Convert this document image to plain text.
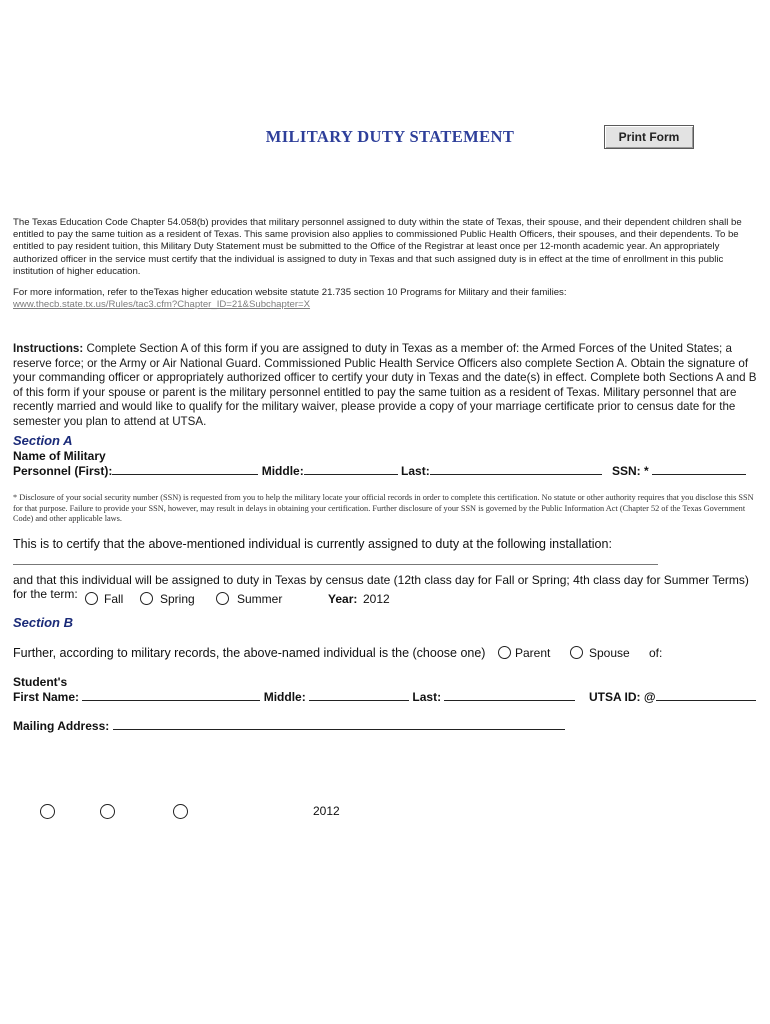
MILITARY DUTY STATEMENT	Print Form
The Texas Education Code Chapter 54.058(b) provides that military personnel assigned to duty within the state of Texas, their spouse, and their dependent children shall be entitled to pay the same tuition as a resident of Texas. This same provision also applies to commissioned Public Health Officers, their spouses, and their dependents. To be entitled to pay resident tuition, this Military Duty Statement must be submitted to the Office of the Registrar at least once per 12-month academic year. An appropriately authorized officer in the service must certify that the individual is assigned to duty in Texas and that such assigned duty is in effect at the time of enrollment in this public institution of higher education.
For more information, refer to theTexas higher education website statute 21.735 section 10 Programs for Military and their families:
www.thecb.state.tx.us/Rules/tac3.cfm?Chapter_ID=21&Subchapter=X
Instructions: Complete Section A of this form if you are assigned to duty in Texas as a member of: the Armed Forces of the United States; a reserve force; or the Army or Air National Guard. Commissioned Public Health Service Officers also complete Section A. Obtain the signature of your commanding officer or appropriately authorized officer to certify your duty in Texas and the date(s) in effect. Complete both Sections A and B of this form if your spouse or parent is the military personnel entitled to pay the same tuition as a resident of Texas. Military personnel that are recently married and would like to qualify for the military waiver, please provide a copy of your marriage certificate prior to census date for the semester you plan to attend at UTSA.
Section A
Name of Military
Personnel (First):	Middle:	Last:	SSN: *
* Disclosure of your social security number (SSN) is requested from you to help the military locate your official records in order to complete this certification. No statute or other authority requires that you disclose this SSN for that purpose. Failure to provide your SSN, however, may result in delays in obtaining your certification. Further disclosure of your SSN is governed by the Public Information Act (Chapter 52 of the Texas Government Code) and other applicable laws.
This is to certify that the above-mentioned individual is currently assigned to duty at the following installation:
and that this individual will be assigned to duty in Texas by census date (12th class day for Fall or Spring; 4th class day for Summer Terms)
for the term: Fall	Spring	Summer	Year: 2012
Section B
Further, according to military records, the above-named individual is the (choose one) Parent	Spouse of:
Student's
First Name:	Middle:	Last:	UTSA ID: @
Mailing Address:
2012
